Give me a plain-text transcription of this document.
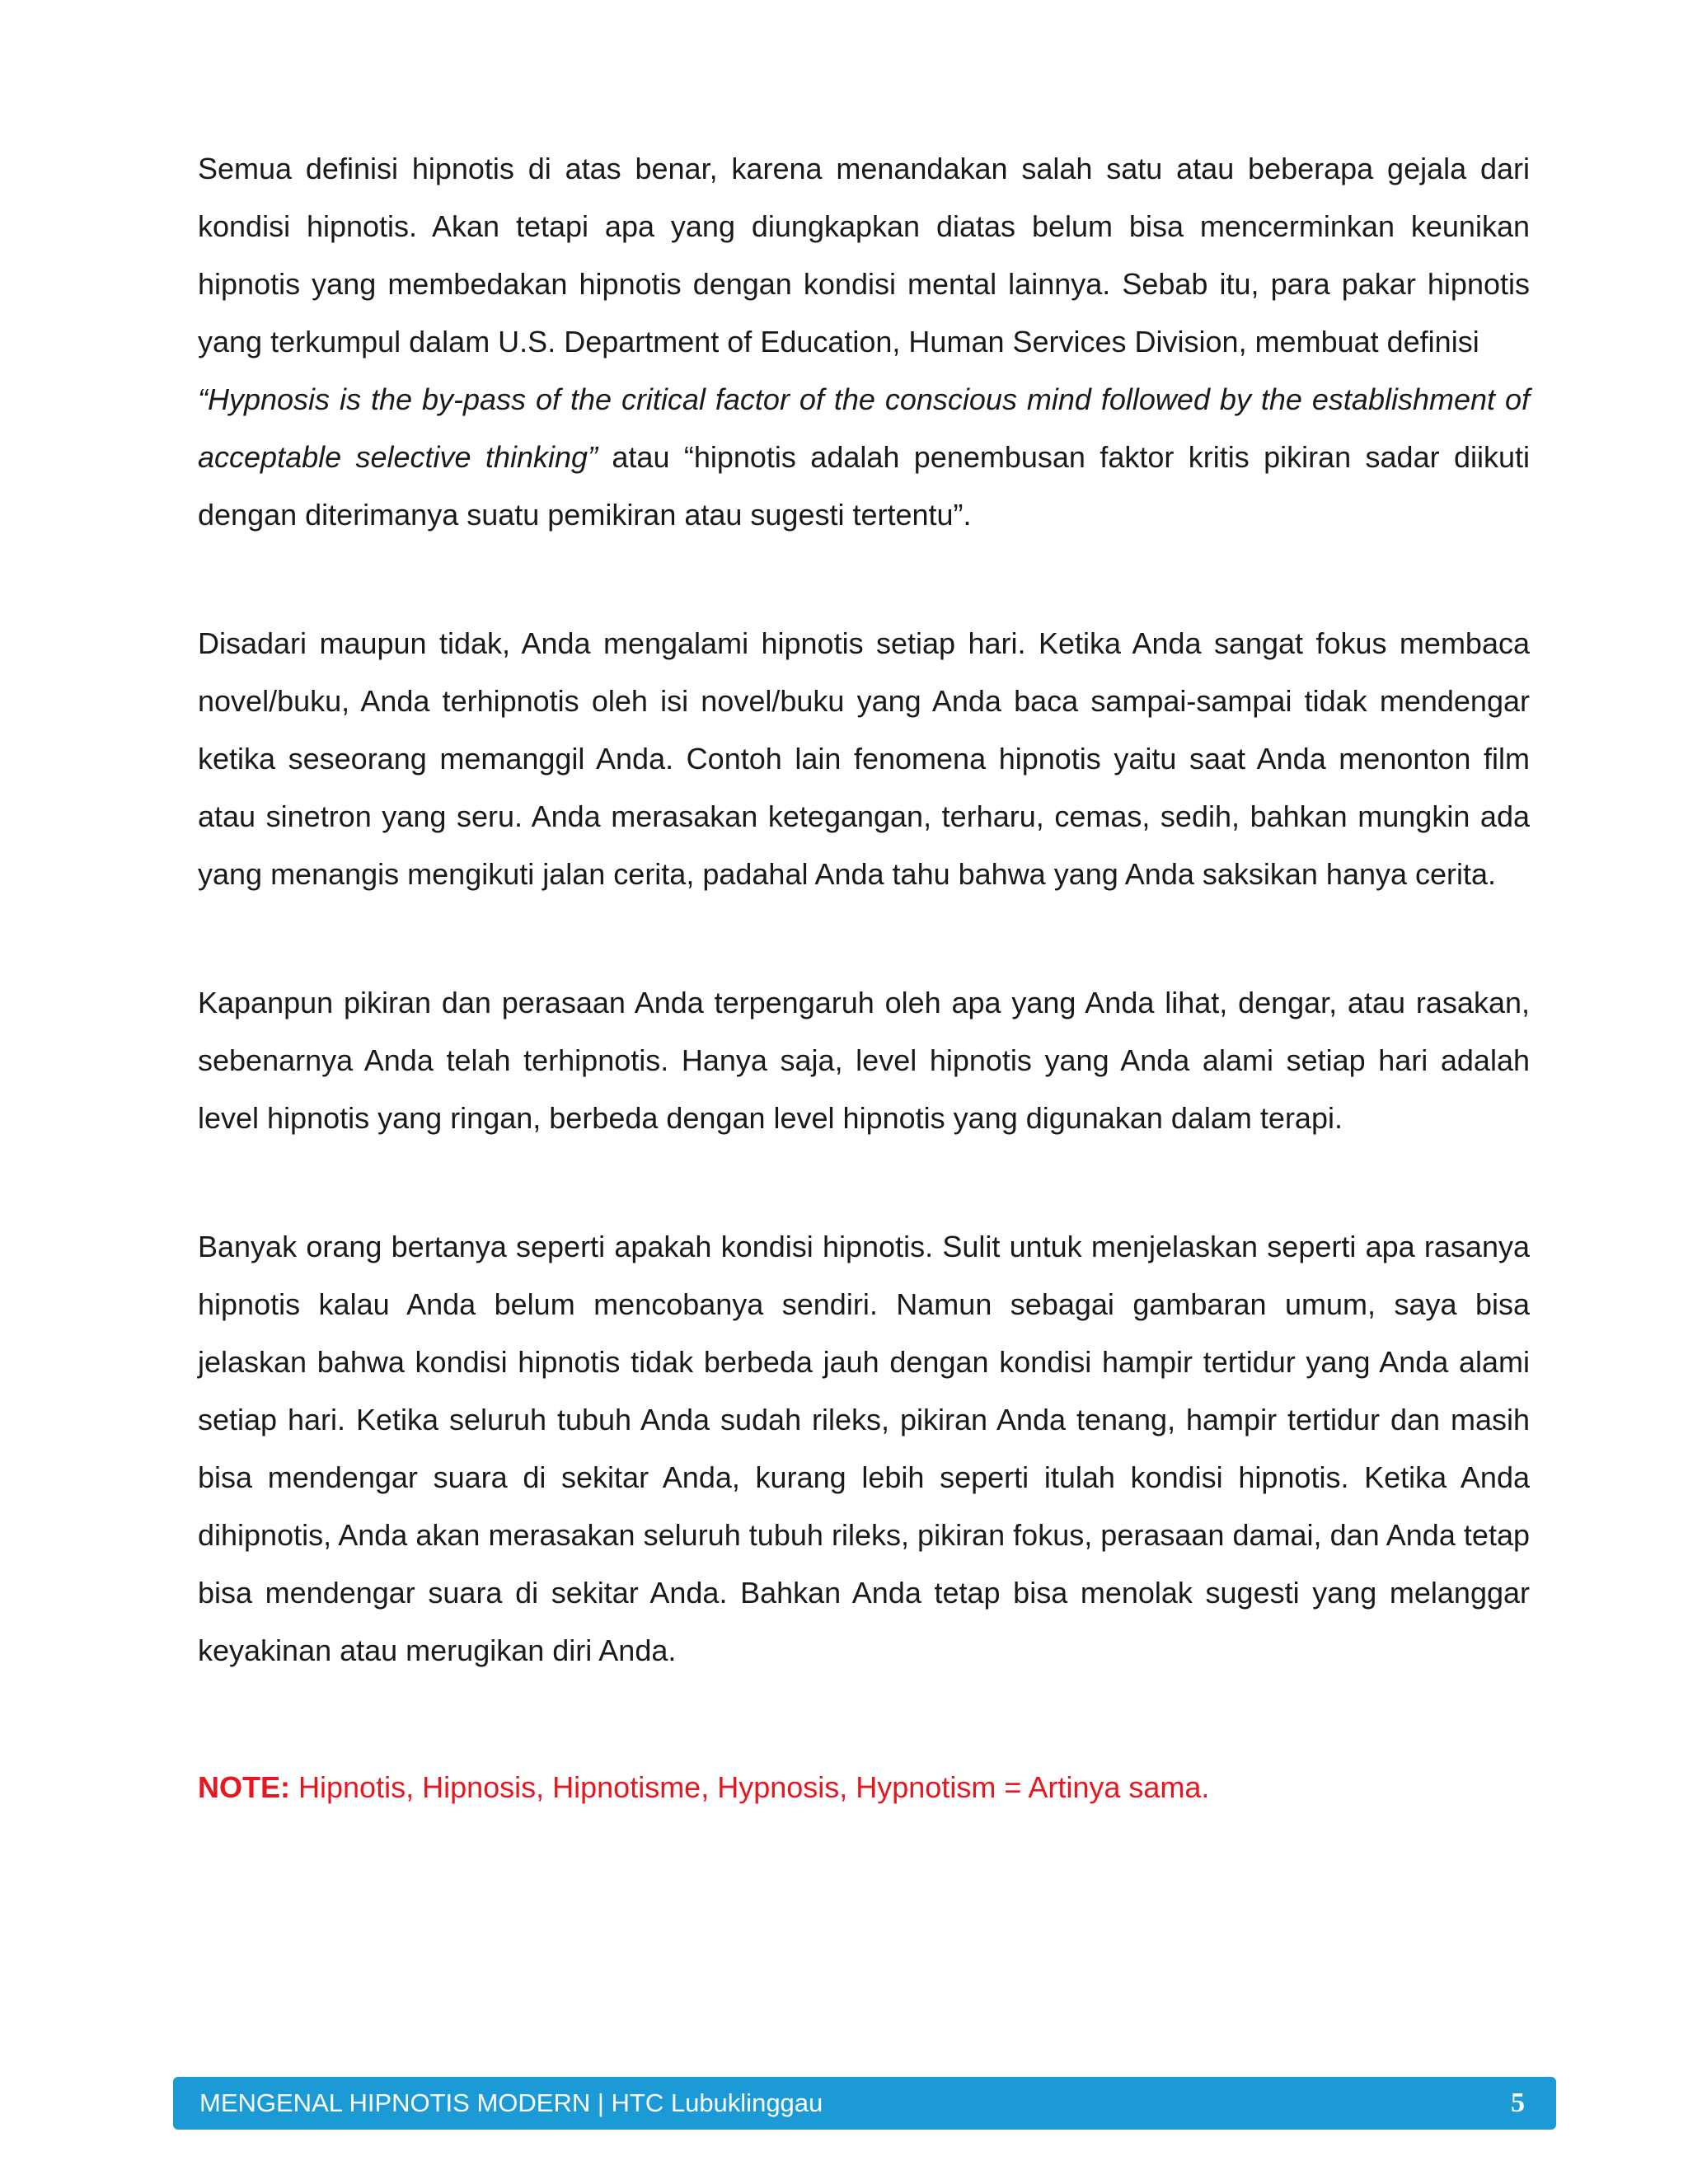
Semua definisi hipnotis di atas benar, karena menandakan salah satu atau beberapa gejala dari kondisi hipnotis. Akan tetapi apa yang diungkapkan diatas belum bisa mencerminkan keunikan hipnotis yang membedakan hipnotis dengan kondisi mental lainnya. Sebab itu, para pakar hipnotis yang terkumpul dalam U.S. Department of Education, Human Services Division, membuat definisi

“Hypnosis is the by-pass of the critical factor of the conscious mind followed by the establishment of acceptable selective thinking” atau “hipnotis adalah penembusan faktor kritis pikiran sadar diikuti dengan diterimanya suatu pemikiran atau sugesti tertentu”.

Disadari maupun tidak, Anda mengalami hipnotis setiap hari. Ketika Anda sangat fokus membaca novel/buku, Anda terhipnotis oleh isi novel/buku yang Anda baca sampai-sampai tidak mendengar ketika seseorang memanggil Anda. Contoh lain fenomena hipnotis yaitu saat Anda menonton film atau sinetron yang seru. Anda merasakan ketegangan, terharu, cemas, sedih, bahkan mungkin ada yang menangis mengikuti jalan cerita, padahal Anda tahu bahwa yang Anda saksikan hanya cerita.

Kapanpun pikiran dan perasaan Anda terpengaruh oleh apa yang Anda lihat, dengar, atau rasakan, sebenarnya Anda telah terhipnotis. Hanya saja, level hipnotis yang Anda alami setiap hari adalah level hipnotis yang ringan, berbeda dengan level hipnotis yang digunakan dalam terapi.

Banyak orang bertanya seperti apakah kondisi hipnotis. Sulit untuk menjelaskan seperti apa rasanya hipnotis kalau Anda belum mencobanya sendiri. Namun sebagai gambaran umum, saya bisa jelaskan bahwa kondisi hipnotis tidak berbeda jauh dengan kondisi hampir tertidur yang Anda alami setiap hari. Ketika seluruh tubuh Anda sudah rileks, pikiran Anda tenang, hampir tertidur dan masih bisa mendengar suara di sekitar Anda, kurang lebih seperti itulah kondisi hipnotis. Ketika Anda dihipnotis, Anda akan merasakan seluruh tubuh rileks, pikiran fokus, perasaan damai, dan Anda tetap bisa mendengar suara di sekitar Anda. Bahkan Anda tetap bisa menolak sugesti yang melanggar keyakinan atau merugikan diri Anda.

NOTE: Hipnotis, Hipnosis, Hipnotisme, Hypnosis, Hypnotism = Artinya sama.

MENGENAL HIPNOTIS MODERN | HTC Lubuklinggau	5
